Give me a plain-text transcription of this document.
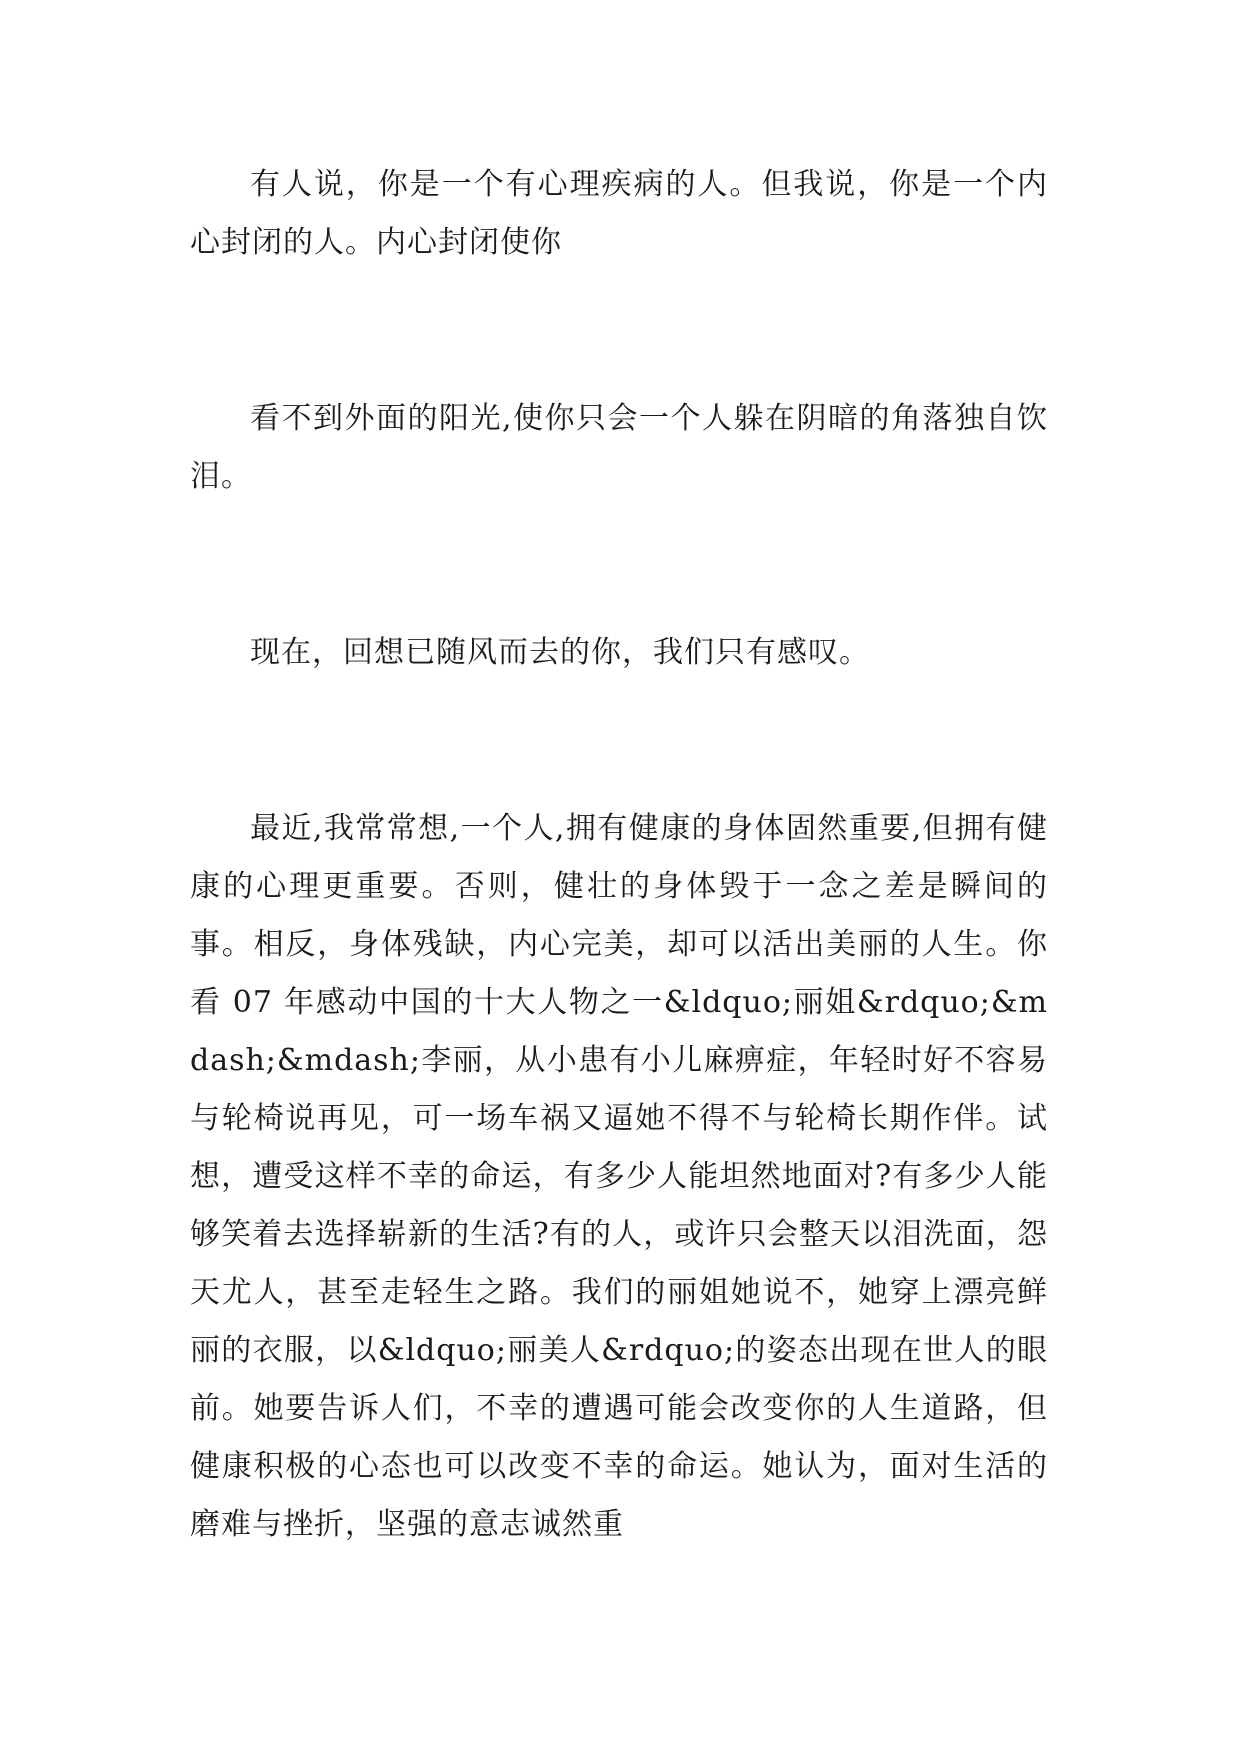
有人说，你是一个有心理疾病的人。但我说，你是一个内心封闭的人。内心封闭使你

看不到外面的阳光,使你只会一个人躲在阴暗的角落独自饮泪。

现在，回想已随风而去的你，我们只有感叹。

最近,我常常想,一个人,拥有健康的身体固然重要,但拥有健康的心理更重要。否则，健壮的身体毁于一念之差是瞬间的事。相反，身体残缺，内心完美，却可以活出美丽的人生。你看 07 年感动中国的十大人物之一&ldquo;丽姐&rdquo;&mdash;&mdash;李丽，从小患有小儿麻痹症，年轻时好不容易与轮椅说再见，可一场车祸又逼她不得不与轮椅长期作伴。试想，遭受这样不幸的命运，有多少人能坦然地面对?有多少人能够笑着去选择崭新的生活?有的人，或许只会整天以泪洗面，怨天尤人，甚至走轻生之路。我们的丽姐她说不，她穿上漂亮鲜丽的衣服，以&ldquo;丽美人&rdquo;的姿态出现在世人的眼前。她要告诉人们，不幸的遭遇可能会改变你的人生道路，但健康积极的心态也可以改变不幸的命运。她认为，面对生活的磨难与挫折，坚强的意志诚然重
